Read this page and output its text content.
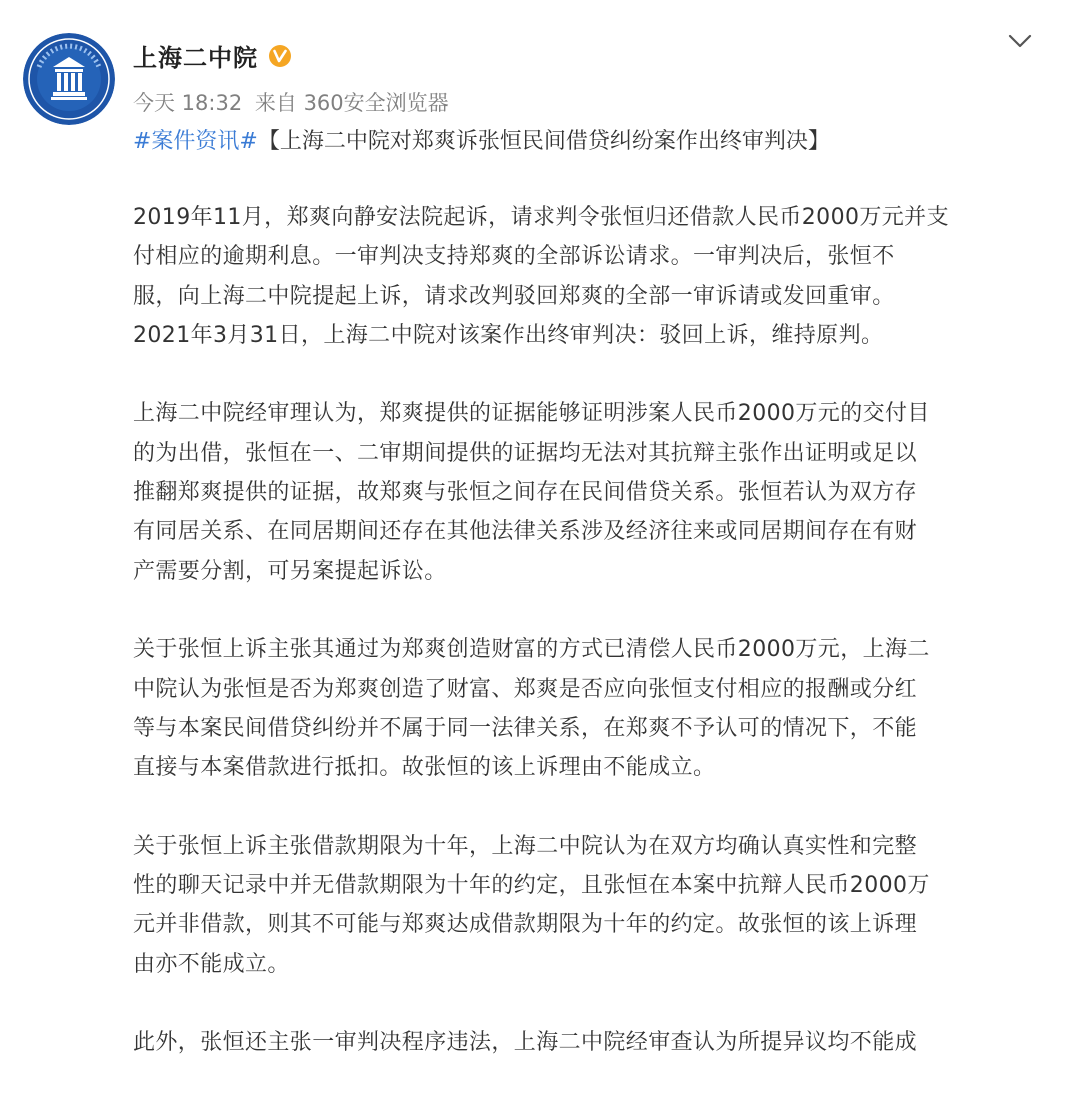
上海二中院
今天 18:32 来自 360安全浏览器
#案件资讯#【上海二中院对郑爽诉张恒民间借贷纠纷案作出终审判决】

2019年11月，郑爽向静安法院起诉，请求判令张恒归还借款人民币2000万元并支
付相应的逾期利息。一审判决支持郑爽的全部诉讼请求。一审判决后，张恒不
服，向上海二中院提起上诉，请求改判驳回郑爽的全部一审诉请或发回重审。
2021年3月31日，上海二中院对该案作出终审判决：驳回上诉，维持原判。

上海二中院经审理认为，郑爽提供的证据能够证明涉案人民币2000万元的交付目
的为出借，张恒在一、二审期间提供的证据均无法对其抗辩主张作出证明或足以
推翻郑爽提供的证据，故郑爽与张恒之间存在民间借贷关系。张恒若认为双方存
有同居关系、在同居期间还存在其他法律关系涉及经济往来或同居期间存在有财
产需要分割，可另案提起诉讼。

关于张恒上诉主张其通过为郑爽创造财富的方式已清偿人民币2000万元，上海二
中院认为张恒是否为郑爽创造了财富、郑爽是否应向张恒支付相应的报酬或分红
等与本案民间借贷纠纷并不属于同一法律关系，在郑爽不予认可的情况下，不能
直接与本案借款进行抵扣。故张恒的该上诉理由不能成立。

关于张恒上诉主张借款期限为十年，上海二中院认为在双方均确认真实性和完整
性的聊天记录中并无借款期限为十年的约定，且张恒在本案中抗辩人民币2000万
元并非借款，则其不可能与郑爽达成借款期限为十年的约定。故张恒的该上诉理
由亦不能成立。

此外，张恒还主张一审判决程序违法，上海二中院经审查认为所提异议均不能成
